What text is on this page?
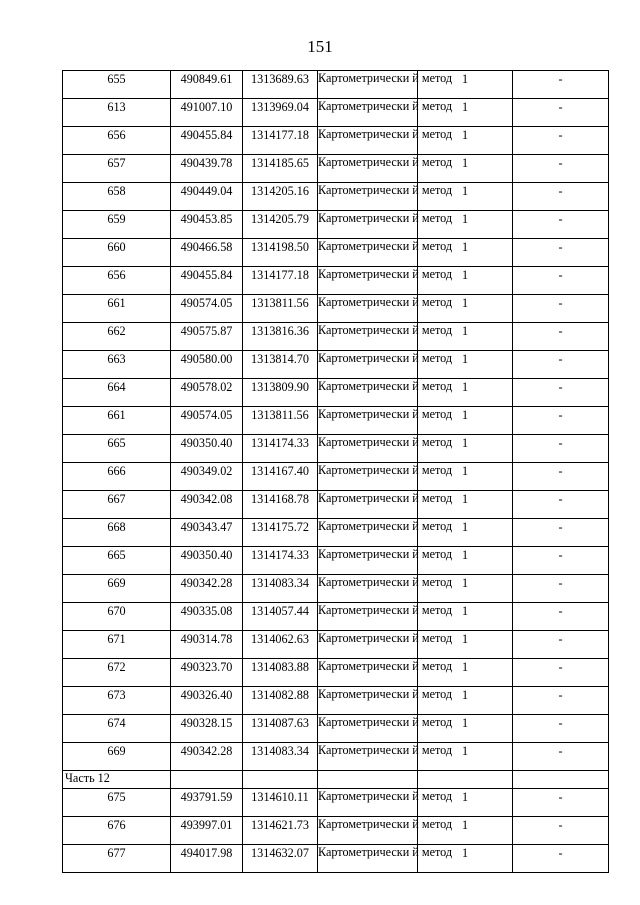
151
655	490849.61	1313689.63	Картометрически й метод	1	-
613	491007.10	1313969.04	Картометрически й метод	1	-
656	490455.84	1314177.18	Картометрически й метод	1	-
657	490439.78	1314185.65	Картометрически й метод	1	-
658	490449.04	1314205.16	Картометрически й метод	1	-
659	490453.85	1314205.79	Картометрически й метод	1	-
660	490466.58	1314198.50	Картометрически й метод	1	-
656	490455.84	1314177.18	Картометрически й метод	1	-
661	490574.05	1313811.56	Картометрически й метод	1	-
662	490575.87	1313816.36	Картометрически й метод	1	-
663	490580.00	1313814.70	Картометрически й метод	1	-
664	490578.02	1313809.90	Картометрически й метод	1	-
661	490574.05	1313811.56	Картометрически й метод	1	-
665	490350.40	1314174.33	Картометрически й метод	1	-
666	490349.02	1314167.40	Картометрически й метод	1	-
667	490342.08	1314168.78	Картометрически й метод	1	-
668	490343.47	1314175.72	Картометрически й метод	1	-
665	490350.40	1314174.33	Картометрически й метод	1	-
669	490342.28	1314083.34	Картометрически й метод	1	-
670	490335.08	1314057.44	Картометрически й метод	1	-
671	490314.78	1314062.63	Картометрически й метод	1	-
672	490323.70	1314083.88	Картометрически й метод	1	-
673	490326.40	1314082.88	Картометрически й метод	1	-
674	490328.15	1314087.63	Картометрически й метод	1	-
669	490342.28	1314083.34	Картометрически й метод	1	-
Часть 12					
675	493791.59	1314610.11	Картометрически й метод	1	-
676	493997.01	1314621.73	Картометрически й метод	1	-
677	494017.98	1314632.07	Картометрически й метод	1	-
